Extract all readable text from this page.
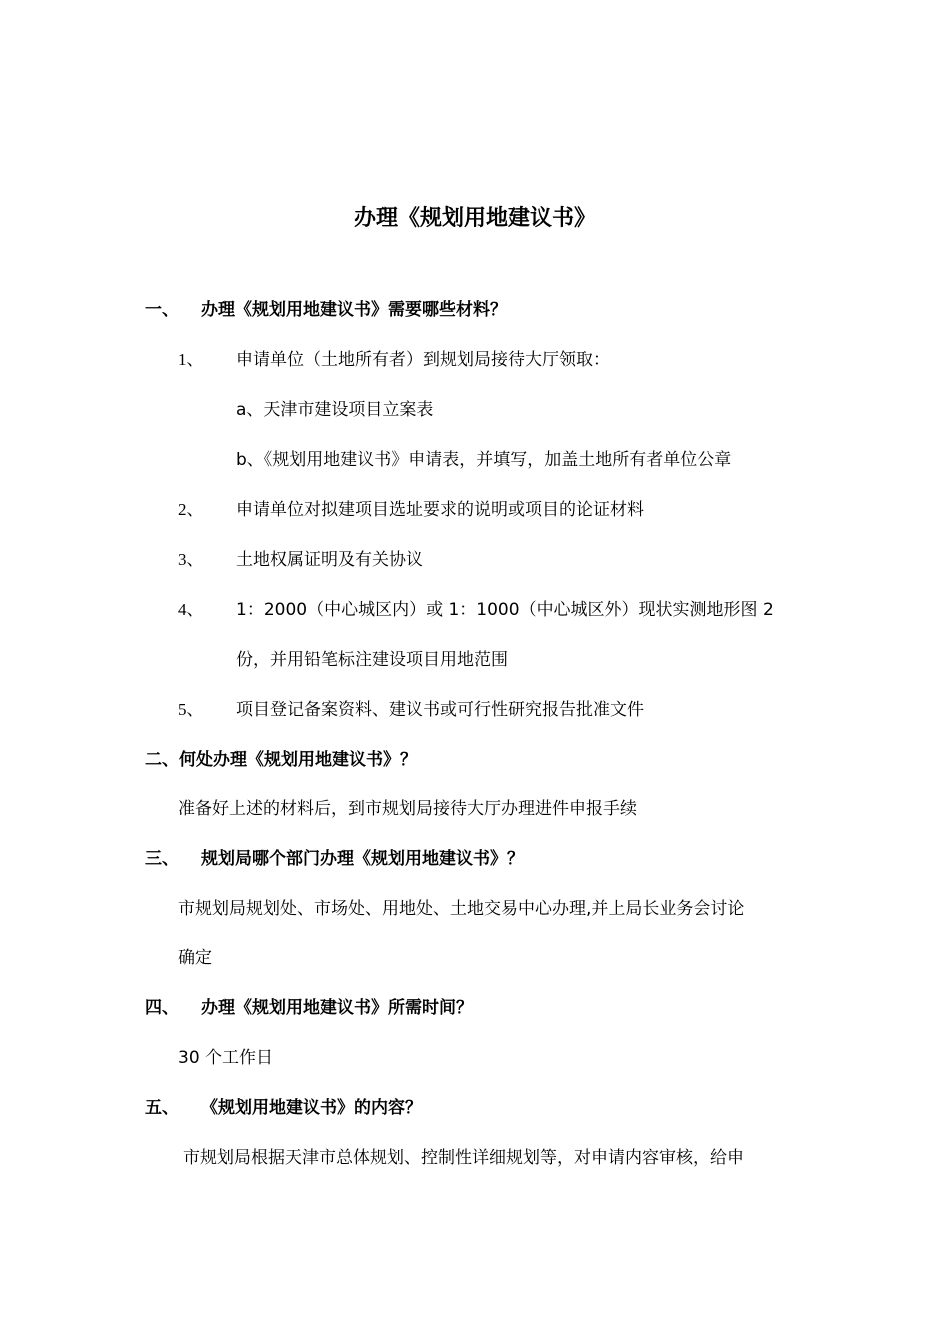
办理《规划用地建议书》
一、 办理《规划用地建议书》需要哪些材料？
1、 申请单位（土地所有者）到规划局接待大厅领取：
a、天津市建设项目立案表
b、《规划用地建议书》申请表，并填写，加盖土地所有者单位公章
2、 申请单位对拟建项目选址要求的说明或项目的论证材料
3、 土地权属证明及有关协议
4、 1：2000（中心城区内）或 1：1000（中心城区外）现状实测地形图 2
份，并用铅笔标注建设项目用地范围
5、 项目登记备案资料、建议书或可行性研究报告批准文件
二、何处办理《规划用地建议书》？
准备好上述的材料后，到市规划局接待大厅办理进件申报手续
三、 规划局哪个部门办理《规划用地建议书》？
市规划局规划处、市场处、用地处、土地交易中心办理,并上局长业务会讨论
确定
四、 办理《规划用地建议书》所需时间？
30 个工作日
五、 《规划用地建议书》的内容？
市规划局根据天津市总体规划、控制性详细规划等，对申请内容审核，给申
